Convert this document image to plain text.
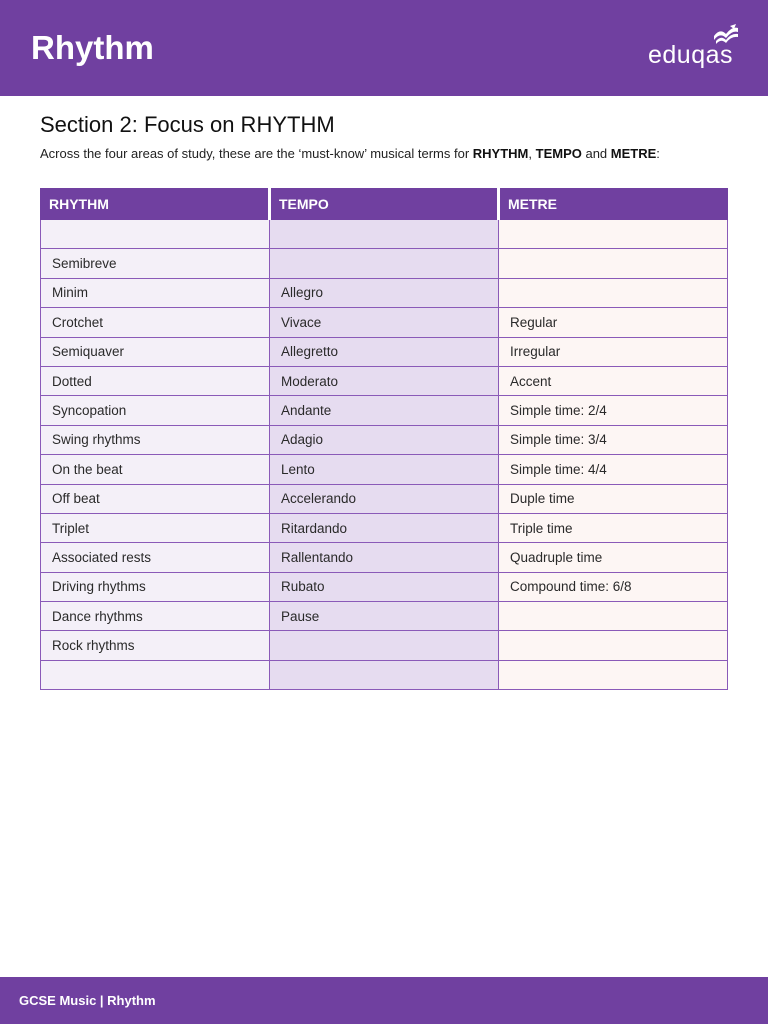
Rhythm	eduqas
Section 2: Focus on RHYTHM

Across the four areas of study, these are the ‘must-know’ musical terms for RHYTHM, TEMPO and METRE:

RHYTHM	TEMPO	METRE

Semibreve		
Minim	Allegro	
Crotchet	Vivace	Regular
Semiquaver	Allegretto	Irregular
Dotted	Moderato	Accent
Syncopation	Andante	Simple time: 2/4
Swing rhythms	Adagio	Simple time: 3/4
On the beat	Lento	Simple time: 4/4
Off beat	Accelerando	Duple time
Triplet	Ritardando	Triple time
Associated rests	Rallentando	Quadruple time
Driving rhythms	Rubato	Compound time: 6/8
Dance rhythms	Pause	
Rock rhythms		

GCSE Music | Rhythm
